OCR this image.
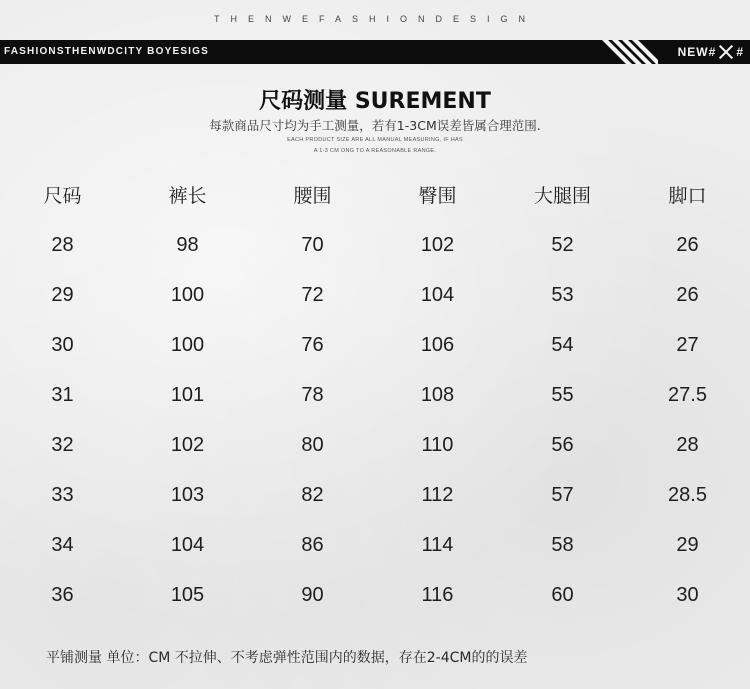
THENWEFASHIONDESIGN
FASHIONSTHENWDCITY BOYESIGS	NEW# #
尺码测量 SUREMENT
每款商品尺寸均为手工测量，若有1-3CM误差皆属合理范围.
EACH PRODUCT SIZE ARE ALL MANUAL MEASURING, IF HAS
A 1-3 CM ONG TO A REASONABLE RANGE.
尺码	裤长	腰围	臀围	大腿围	脚口
28	98	70	102	52	26
29	100	72	104	53	26
30	100	76	106	54	27
31	101	78	108	55	27.5
32	102	80	110	56	28
33	103	82	112	57	28.5
34	104	86	114	58	29
36	105	90	116	60	30
平铺测量 单位：CM 不拉伸、不考虑弹性范围内的数据，存在2-4CM的的误差
